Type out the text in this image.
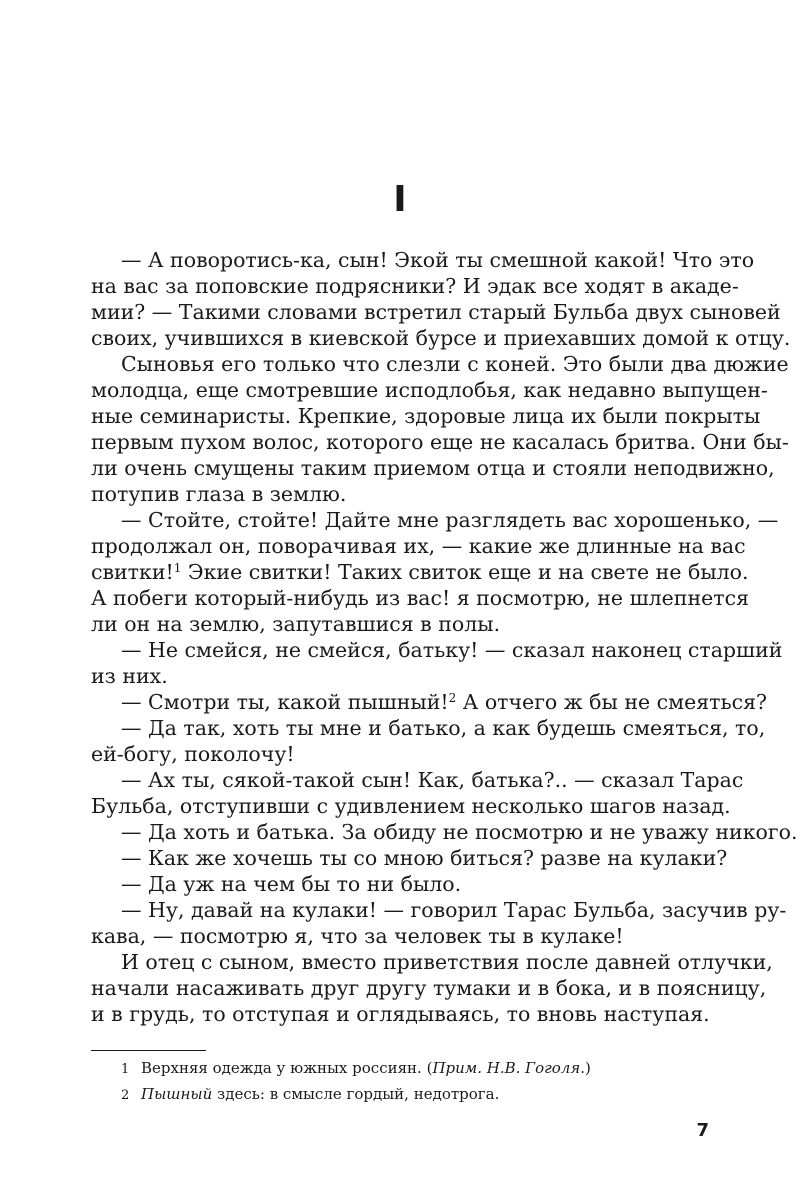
I
— А поворотись-ка, сын! Экой ты смешной какой! Что это
на вас за поповские подрясники? И эдак все ходят в акаде-
мии? — Такими словами встретил старый Бульба двух сыновей
своих, учившихся в киевской бурсе и приехавших домой к отцу.
Сыновья его только что слезли с коней. Это были два дюжие
молодца, еще смотревшие исподлобья, как недавно выпущен-
ные семинаристы. Крепкие, здоровые лица их были покрыты
первым пухом волос, которого еще не касалась бритва. Они бы-
ли очень смущены таким приемом отца и стояли неподвижно,
потупив глаза в землю.
— Стойте, стойте! Дайте мне разглядеть вас хорошенько, —
продолжал он, поворачивая их, — какие же длинные на вас
свитки!$^1$ Экие свитки! Таких свиток еще и на свете не было.
А побеги который-нибудь из вас! я посмотрю, не шлепнется
ли он на землю, запутавшися в полы.
— Не смейся, не смейся, батьку! — сказал наконец старший
из них.
— Смотри ты, какой пышный!$^2$ А отчего ж бы не смеяться?
— Да так, хоть ты мне и батько, а как будешь смеяться, то,
ей-богу, поколочу!
— Ах ты, сякой-такой сын! Как, батька?.. — сказал Тарас
Бульба, отступивши с удивлением несколько шагов назад.
— Да хоть и батька. За обиду не посмотрю и не уважу никого.
— Как же хочешь ты со мною биться? разве на кулаки?
— Да уж на чем бы то ни было.
— Ну, давай на кулаки! — говорил Тарас Бульба, засучив ру-
кава, — посмотрю я, что за человек ты в кулаке!
И отец с сыном, вместо приветствия после давней отлучки,
начали насаживать друг другу тумаки и в бока, и в поясницу,
и в грудь, то отступая и оглядываясь, то вновь наступая.
1 Верхняя одежда у южных россиян. (Прим. Н.В. Гоголя.)
2 Пышный здесь: в смысле гордый, недотрога.
7
